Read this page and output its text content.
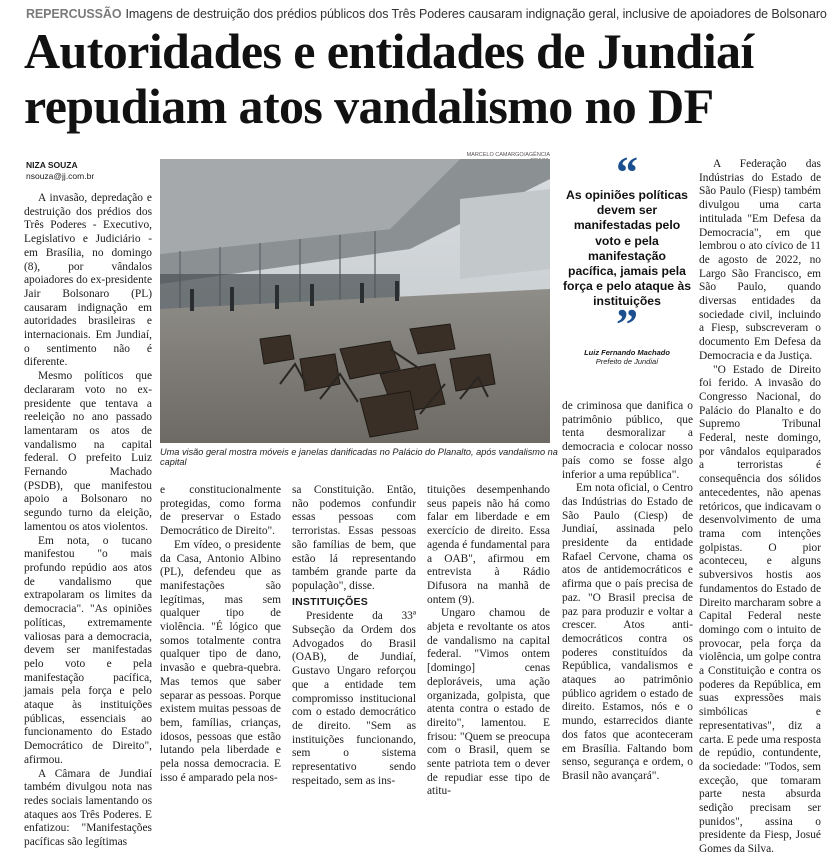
REPERCUSSÃO Imagens de destruição dos prédios públicos dos Três Poderes causaram indignação geral, inclusive de apoiadores de Bolsonaro
Autoridades e entidades de Jundiaí
repudiam atos vandalismo no DF
NIZA SOUZA
nsouza@jj.com.br

A invasão, depredação e destruição dos prédios dos Três Poderes - Executivo, Legislativo e Judiciário - em Brasília, no domingo (8), por vândalos apoiadores do ex-presidente Jair Bolsonaro (PL) causaram indignação em autoridades brasileiras e internacionais. Em Jundiaí, o sentimento não é diferente.

Mesmo políticos que declararam voto no ex-presidente que tentava a reeleição no ano passado lamentaram os atos de vandalismo na capital federal. O prefeito Luiz Fernando Machado (PSDB), que manifestou apoio a Bolsonaro no segundo turno da eleição, lamentou os atos violentos.

Em nota, o tucano manifestou "o mais profundo repúdio aos atos de vandalismo que extrapolaram os limites da democracia". "As opiniões políticas, extremamente valiosas para a democracia, devem ser manifestadas pelo voto e pela manifestação pacífica, jamais pela força e pelo ataque às instituições públicas, essenciais ao funcionamento do Estado Democrático de Direito", afirmou.

A Câmara de Jundiaí também divulgou nota nas redes sociais lamentando os ataques aos Três Poderes. E enfatizou: "Manifestações pacíficas são legítimas

MARCELO CAMARGO/AGÊNCIA
Uma visão geral mostra móveis e janelas danificadas no Palácio do Planalto, após vandalismo na capital
“
As opiniões políticas devem ser manifestadas pelo voto e pela manifestação pacífica, jamais pela força e pelo ataque às instituições
”
Luiz Fernando Machado
Prefeito de Jundiaí

e constitucionalmente protegidas, como forma de preservar o Estado Democrático de Direito".

Em vídeo, o presidente da Casa, Antonio Albino (PL), defendeu que as manifestações são legítimas, mas sem qualquer tipo de violência. "É lógico que somos totalmente contra qualquer tipo de dano, invasão e quebra-quebra. Mas temos que saber separar as pessoas. Porque existem muitas pessoas de bem, famílias, crianças, idosos, pessoas que estão lutando pela liberdade e pela nossa democracia. E isso é amparado pela nos-

sa Constituição. Então, não podemos confundir essas pessoas com terroristas. Essas pessoas são famílias de bem, que estão lá representando também grande parte da população", disse.

INSTITUIÇÕES

Presidente da 33ª Subseção da Ordem dos Advogados do Brasil (OAB), de Jundiaí, Gustavo Ungaro reforçou que a entidade tem compromisso institucional com o estado democrático de direito. "Sem as instituições funcionando, sem o sistema representativo sendo respeitado, sem as ins-

tituições desempenhando seus papeis não há como falar em liberdade e em exercício de direito. Essa agenda é fundamental para a OAB", afirmou em entrevista à Rádio Difusora na manhã de ontem (9).

Ungaro chamou de abjeta e revoltante os atos de vandalismo na capital federal. "Vimos ontem [domingo] cenas deploráveis, uma ação organizada, golpista, que atenta contra o estado de direito", lamentou. E frisou: "Quem se preocupa com o Brasil, quem se sente patriota tem o dever de repudiar esse tipo de atitu-

de criminosa que danifica o patrimônio público, que tenta desmoralizar a democracia e colocar nosso país como se fosse algo inferior a uma república".

Em nota oficial, o Centro das Indústrias do Estado de São Paulo (Ciesp) de Jundiaí, assinada pelo presidente da entidade Rafael Cervone, chama os atos de antidemocráticos e afirma que o país precisa de paz. "O Brasil precisa de paz para produzir e voltar a crescer. Atos anti-democráticos contra os poderes constituídos da República, vandalismos e ataques ao patrimônio público agridem o estado de direito. Estamos, nós e o mundo, estarrecidos diante dos fatos que aconteceram em Brasília. Faltando bom senso, segurança e ordem, o Brasil não avançará".

A Federação das Indústrias do Estado de São Paulo (Fiesp) também divulgou uma carta intitulada "Em Defesa da Democracia", em que lembrou o ato cívico de 11 de agosto de 2022, no Largo São Francisco, em São Paulo, quando diversas entidades da sociedade civil, incluindo a Fiesp, subscreveram o documento Em Defesa da Democracia e da Justiça.

"O Estado de Direito foi ferido. A invasão do Congresso Nacional, do Palácio do Planalto e do Supremo Tribunal Federal, neste domingo, por vândalos equiparados a terroristas é consequência dos sólidos antecedentes, não apenas retóricos, que indicavam o desenvolvimento de uma trama com intenções golpistas. O pior aconteceu, e alguns subversivos hostis aos fundamentos do Estado de Direito marcharam sobre a Capital Federal neste domingo com o intuito de provocar, pela força da violência, um golpe contra a Constituição e contra os poderes da República, em suas expressões mais simbólicas e representativas", diz a carta. E pede uma resposta de repúdio, contundente, da sociedade: "Todos, sem exceção, que tomaram parte nesta absurda sedição precisam ser punidos", assina o presidente da Fiesp, Josué Gomes da Silva.
